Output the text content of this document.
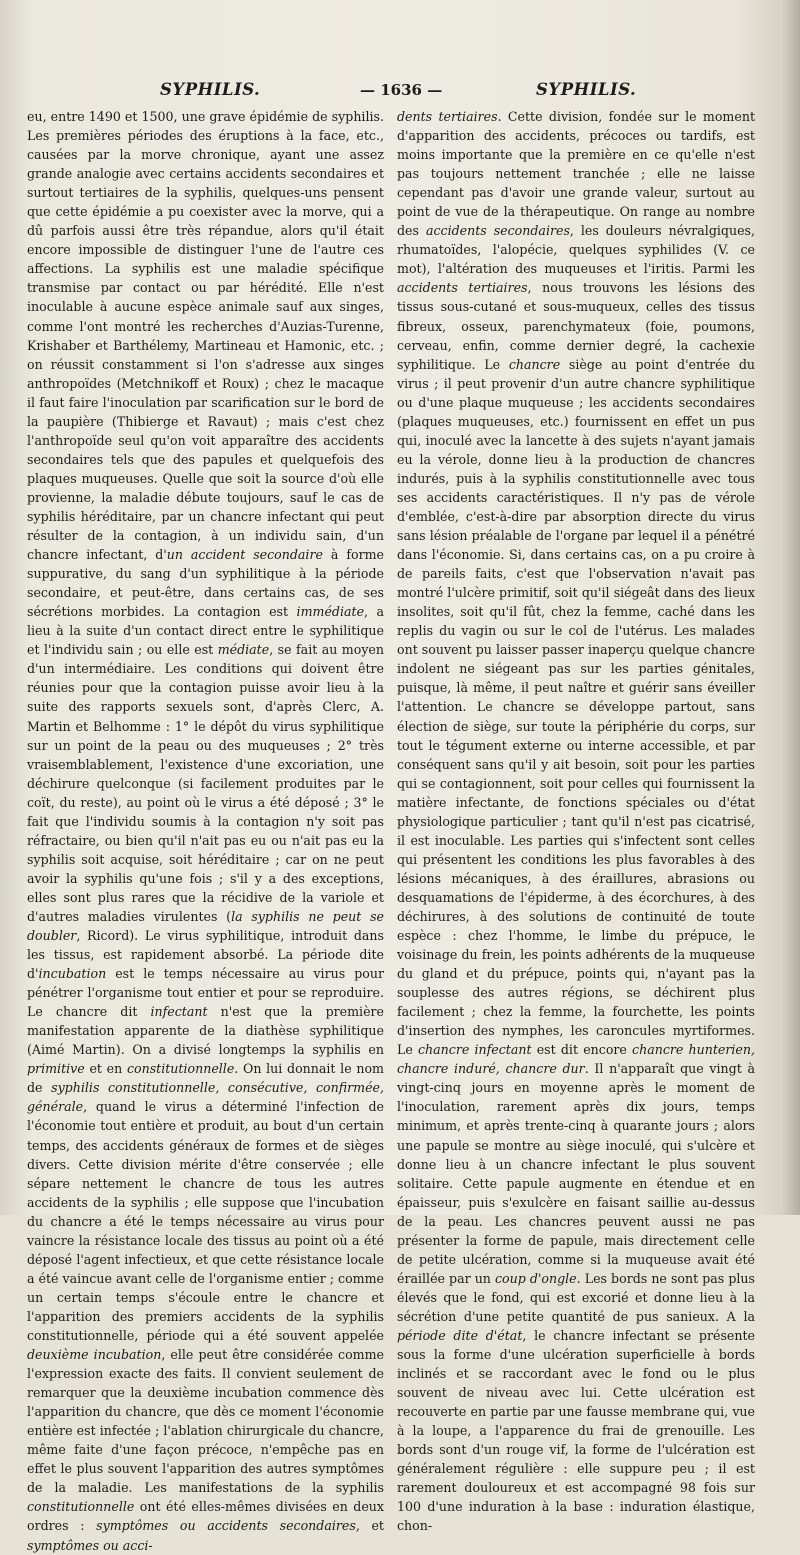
SYPHILIS.	— 1636 —	SYPHILIS.

eu, entre 1490 et 1500, une grave épidémie de syphilis. Les premières périodes des éruptions à la face, etc., causées par la morve chronique, ayant une assez grande analogie avec certains accidents secondaires et surtout tertiaires de la syphilis, quelques-uns pensent que cette épidémie a pu coexister avec la morve, qui a dû parfois aussi être très répandue, alors qu'il était encore impossible de distinguer l'une de l'autre ces affections. La syphilis est une maladie spécifique transmise par contact ou par hérédité. Elle n'est inoculable à aucune espèce animale sauf aux singes, comme l'ont montré les recherches d'Auzias-Turenne, Krishaber et Barthélemy, Martineau et Hamonic, etc. ; on réussit constamment si l'on s'adresse aux singes anthropoïdes (Metchnikoff et Roux) ; chez le macaque il faut faire l'inoculation par scarification sur le bord de la paupière (Thibierge et Ravaut) ; mais c'est chez l'anthropoïde seul qu'on voit apparaître des accidents secondaires tels que des papules et quelquefois des plaques muqueuses. Quelle que soit la source d'où elle provienne, la maladie débute toujours, sauf le cas de syphilis héréditaire, par un chancre infectant qui peut résulter de la contagion, à un individu sain, d'un chancre infectant, d'un accident secondaire à forme suppurative, du sang d'un syphilitique à la période secondaire, et peut-être, dans certains cas, de ses sécrétions morbides. La contagion est immédiate, a lieu à la suite d'un contact direct entre le syphilitique et l'individu sain ; ou elle est médiate, se fait au moyen d'un intermédiaire. Les conditions qui doivent être réunies pour que la contagion puisse avoir lieu à la suite des rapports sexuels sont, d'après Clerc, A. Martin et Belhomme : 1° le dépôt du virus syphilitique sur un point de la peau ou des muqueuses ; 2° très vraisemblablement, l'existence d'une excoriation, une déchirure quelconque (si facilement produites par le coït, du reste), au point où le virus a été déposé ; 3° le fait que l'individu soumis à la contagion n'y soit pas réfractaire, ou bien qu'il n'ait pas eu ou n'ait pas eu la syphilis soit acquise, soit héréditaire ; car on ne peut avoir la syphilis qu'une fois ; s'il y a des exceptions, elles sont plus rares que la récidive de la variole et d'autres maladies virulentes (la syphilis ne peut se doubler, Ricord). Le virus syphilitique, introduit dans les tissus, est rapidement absorbé. La période dite d'incubation est le temps nécessaire au virus pour pénétrer l'organisme tout entier et pour se reproduire. Le chancre dit infectant n'est que la première manifestation apparente de la diathèse syphilitique (Aimé Martin). On a divisé longtemps la syphilis en primitive et en constitutionnelle. On lui donnait le nom de syphilis constitutionnelle, consécutive, confirmée, générale, quand le virus a déterminé l'infection de l'économie tout entière et produit, au bout d'un certain temps, des accidents généraux de formes et de sièges divers. Cette division mérite d'être conservée ; elle sépare nettement le chancre de tous les autres accidents de la syphilis ; elle suppose que l'incubation du chancre a été le temps nécessaire au virus pour vaincre la résistance locale des tissus au point où a été déposé l'agent infectieux, et que cette résistance locale a été vaincue avant celle de l'organisme entier ; comme un certain temps s'écoule entre le chancre et l'apparition des premiers accidents de la syphilis constitutionnelle, période qui a été souvent appelée deuxième incubation, elle peut être considérée comme l'expression exacte des faits. Il convient seulement de remarquer que la deuxième incubation commence dès l'apparition du chancre, que dès ce moment l'économie entière est infectée ; l'ablation chirurgicale du chancre, même faite d'une façon précoce, n'empêche pas en effet le plus souvent l'apparition des autres symptômes de la maladie. Les manifestations de la syphilis constitutionnelle ont été elles-mêmes divisées en deux ordres : symptômes ou accidents secondaires, et symptômes ou acci-

dents tertiaires. Cette division, fondée sur le moment d'apparition des accidents, précoces ou tardifs, est moins importante que la première en ce qu'elle n'est pas toujours nettement tranchée ; elle ne laisse cependant pas d'avoir une grande valeur, surtout au point de vue de la thérapeutique. On range au nombre des accidents secondaires, les douleurs névralgiques, rhumatoïdes, l'alopécie, quelques syphilides (V. ce mot), l'altération des muqueuses et l'iritis. Parmi les accidents tertiaires, nous trouvons les lésions des tissus sous-cutané et sous-muqueux, celles des tissus fibreux, osseux, parenchymateux (foie, poumons, cerveau, enfin, comme dernier degré, la cachexie syphilitique. Le chancre siège au point d'entrée du virus ; il peut provenir d'un autre chancre syphilitique ou d'une plaque muqueuse ; les accidents secondaires (plaques muqueuses, etc.) fournissent en effet un pus qui, inoculé avec la lancette à des sujets n'ayant jamais eu la vérole, donne lieu à la production de chancres indurés, puis à la syphilis constitutionnelle avec tous ses accidents caractéristiques. Il n'y pas de vérole d'emblée, c'est-à-dire par absorption directe du virus sans lésion préalable de l'organe par lequel il a pénétré dans l'économie. Si, dans certains cas, on a pu croire à de pareils faits, c'est que l'observation n'avait pas montré l'ulcère primitif, soit qu'il siégeât dans des lieux insolites, soit qu'il fût, chez la femme, caché dans les replis du vagin ou sur le col de l'utérus. Les malades ont souvent pu laisser passer inaperçu quelque chancre indolent ne siégeant pas sur les parties génitales, puisque, là même, il peut naître et guérir sans éveiller l'attention. Le chancre se développe partout, sans élection de siège, sur toute la périphérie du corps, sur tout le tégument externe ou interne accessible, et par conséquent sans qu'il y ait besoin, soit pour les parties qui se contagionnent, soit pour celles qui fournissent la matière infectante, de fonctions spéciales ou d'état physiologique particulier ; tant qu'il n'est pas cicatrisé, il est inoculable. Les parties qui s'infectent sont celles qui présentent les conditions les plus favorables à des lésions mécaniques, à des éraillures, abrasions ou desquamations de l'épiderme, à des écorchures, à des déchirures, à des solutions de continuité de toute espèce : chez l'homme, le limbe du prépuce, le voisinage du frein, les points adhérents de la muqueuse du gland et du prépuce, points qui, n'ayant pas la souplesse des autres régions, se déchirent plus facilement ; chez la femme, la fourchette, les points d'insertion des nymphes, les caroncules myrtiformes. Le chancre infectant est dit encore chancre hunterien, chancre induré, chancre dur. Il n'apparaît que vingt à vingt-cinq jours en moyenne après le moment de l'inoculation, rarement après dix jours, temps minimum, et après trente-cinq à quarante jours ; alors une papule se montre au siège inoculé, qui s'ulcère et donne lieu à un chancre infectant le plus souvent solitaire. Cette papule augmente en étendue et en épaisseur, puis s'exulcère en faisant saillie au-dessus de la peau. Les chancres peuvent aussi ne pas présenter la forme de papule, mais directement celle de petite ulcération, comme si la muqueuse avait été éraillée par un coup d'ongle. Les bords ne sont pas plus élevés que le fond, qui est excorié et donne lieu à la sécrétion d'une petite quantité de pus sanieux. A la période dite d'état, le chancre infectant se présente sous la forme d'une ulcération superficielle à bords inclinés et se raccordant avec le fond ou le plus souvent de niveau avec lui. Cette ulcération est recouverte en partie par une fausse membrane qui, vue à la loupe, a l'apparence du frai de grenouille. Les bords sont d'un rouge vif, la forme de l'ulcération est généralement régulière : elle suppure peu ; il est rarement douloureux et est accompagné 98 fois sur 100 d'une induration à la base : induration élastique, chon-
